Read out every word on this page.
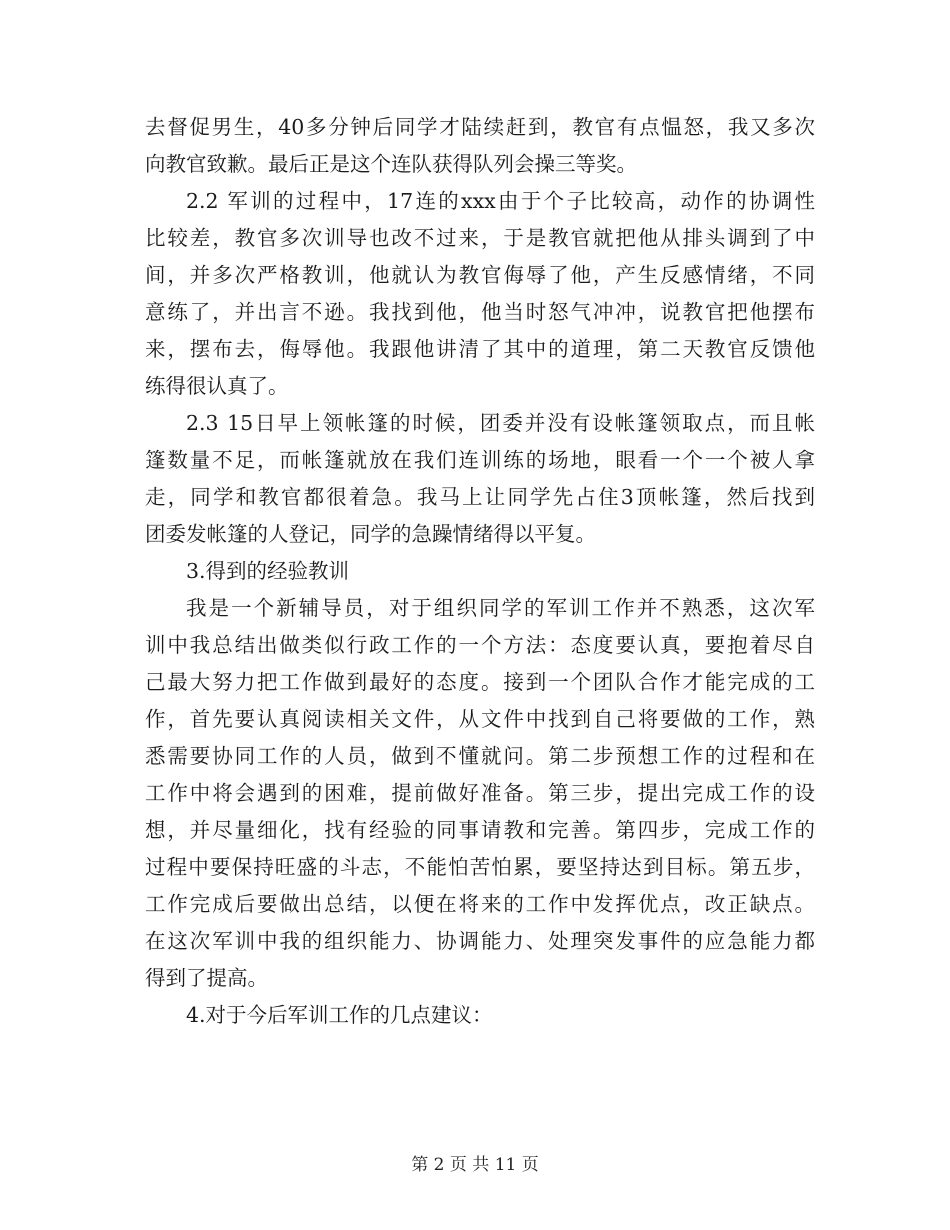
去督促男生，40多分钟后同学才陆续赶到，教官有点愠怒，我又多次
向教官致歉。最后正是这个连队获得队列会操三等奖。
2.2 军训的过程中，17连的xxx由于个子比较高，动作的协调性
比较差，教官多次训导也改不过来，于是教官就把他从排头调到了中
间，并多次严格教训，他就认为教官侮辱了他，产生反感情绪，不同
意练了，并出言不逊。我找到他，他当时怒气冲冲，说教官把他摆布
来，摆布去，侮辱他。我跟他讲清了其中的道理，第二天教官反馈他
练得很认真了。
2.3 15日早上领帐篷的时候，团委并没有设帐篷领取点，而且帐
篷数量不足，而帐篷就放在我们连训练的场地，眼看一个一个被人拿
走，同学和教官都很着急。我马上让同学先占住3顶帐篷，然后找到
团委发帐篷的人登记，同学的急躁情绪得以平复。
3.得到的经验教训
我是一个新辅导员，对于组织同学的军训工作并不熟悉，这次军
训中我总结出做类似行政工作的一个方法：态度要认真，要抱着尽自
己最大努力把工作做到最好的态度。接到一个团队合作才能完成的工
作，首先要认真阅读相关文件，从文件中找到自己将要做的工作，熟
悉需要协同工作的人员，做到不懂就问。第二步预想工作的过程和在
工作中将会遇到的困难，提前做好准备。第三步，提出完成工作的设
想，并尽量细化，找有经验的同事请教和完善。第四步，完成工作的
过程中要保持旺盛的斗志，不能怕苦怕累，要坚持达到目标。第五步，
工作完成后要做出总结，以便在将来的工作中发挥优点，改正缺点。
在这次军训中我的组织能力、协调能力、处理突发事件的应急能力都
得到了提高。
4.对于今后军训工作的几点建议：
第 2 页 共 11 页
